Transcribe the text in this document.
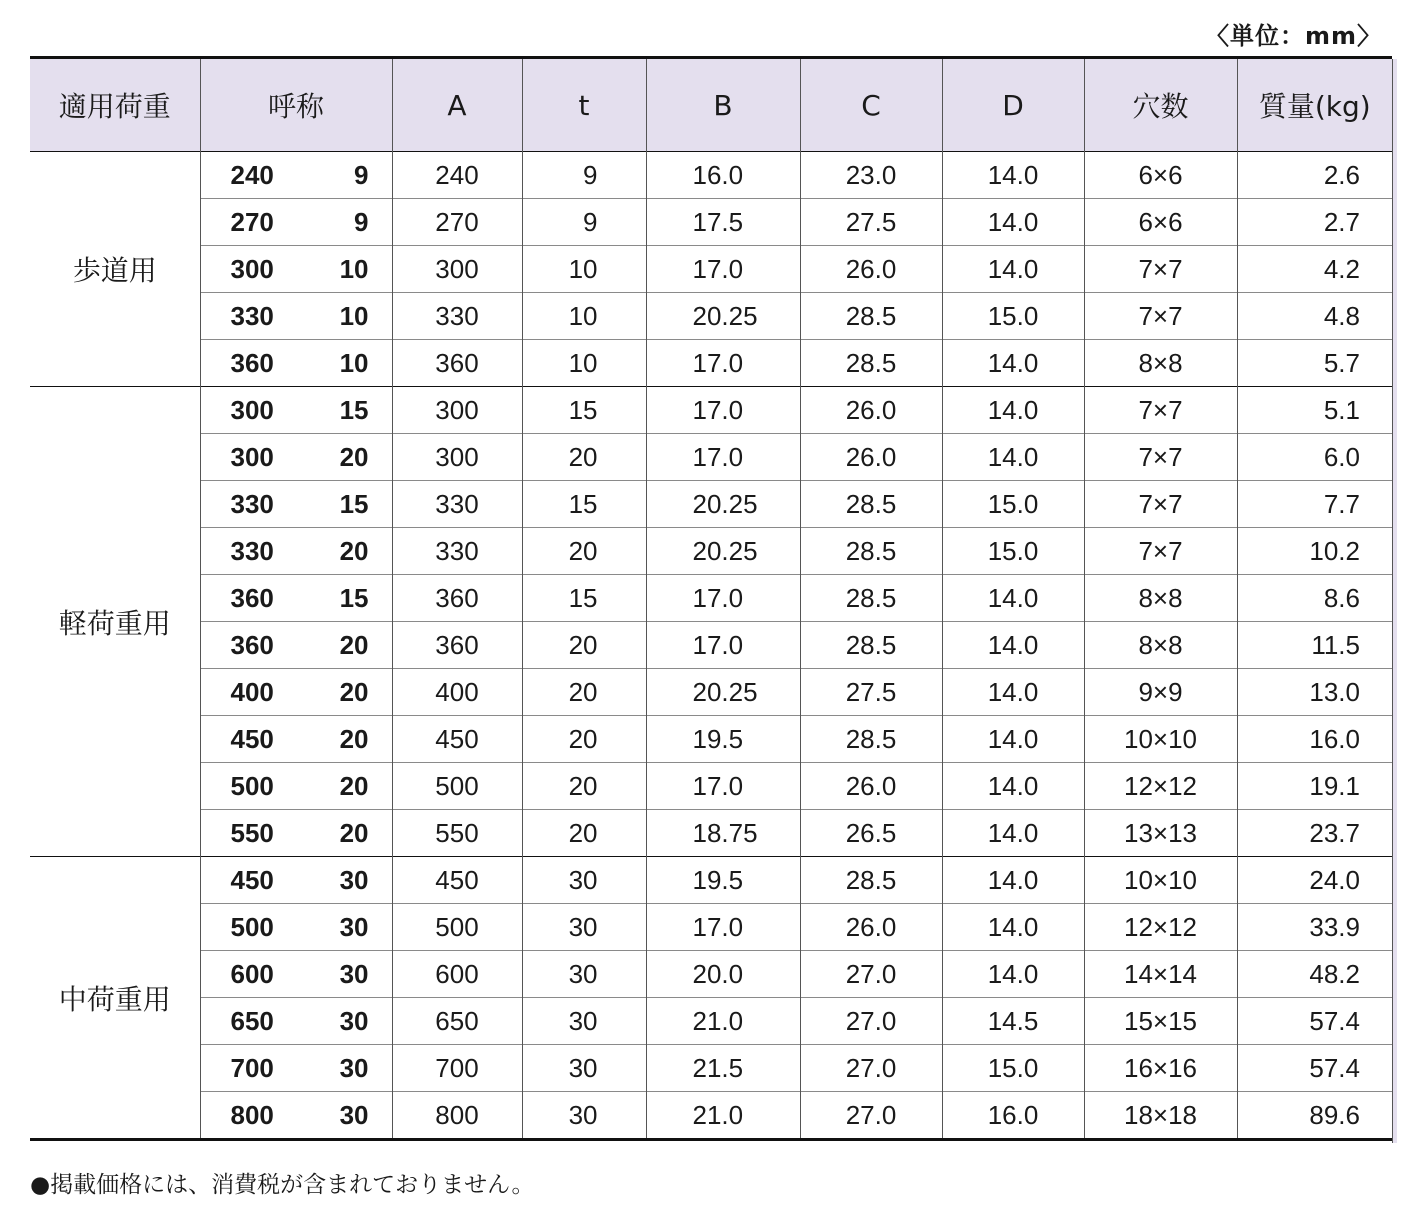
〈単位：mm〉
適用荷重	呼称	A	t	B	C	D	穴数	質量(kg)
歩道用	240 9	240	9	16.0	23.0	14.0	6×6	2.6
	270 9	270	9	17.5	27.5	14.0	6×6	2.7
	300 10	300	10	17.0	26.0	14.0	7×7	4.2
	330 10	330	10	20.25	28.5	15.0	7×7	4.8
	360 10	360	10	17.0	28.5	14.0	8×8	5.7
軽荷重用	300 15	300	15	17.0	26.0	14.0	7×7	5.1
	300 20	300	20	17.0	26.0	14.0	7×7	6.0
	330 15	330	15	20.25	28.5	15.0	7×7	7.7
	330 20	330	20	20.25	28.5	15.0	7×7	10.2
	360 15	360	15	17.0	28.5	14.0	8×8	8.6
	360 20	360	20	17.0	28.5	14.0	8×8	11.5
	400 20	400	20	20.25	27.5	14.0	9×9	13.0
	450 20	450	20	19.5	28.5	14.0	10×10	16.0
	500 20	500	20	17.0	26.0	14.0	12×12	19.1
	550 20	550	20	18.75	26.5	14.0	13×13	23.7
中荷重用	450 30	450	30	19.5	28.5	14.0	10×10	24.0
	500 30	500	30	17.0	26.0	14.0	12×12	33.9
	600 30	600	30	20.0	27.0	14.0	14×14	48.2
	650 30	650	30	21.0	27.0	14.5	15×15	57.4
	700 30	700	30	21.5	27.0	15.0	16×16	57.4
	800 30	800	30	21.0	27.0	16.0	18×18	89.6
●掲載価格には、消費税が含まれておりません。
